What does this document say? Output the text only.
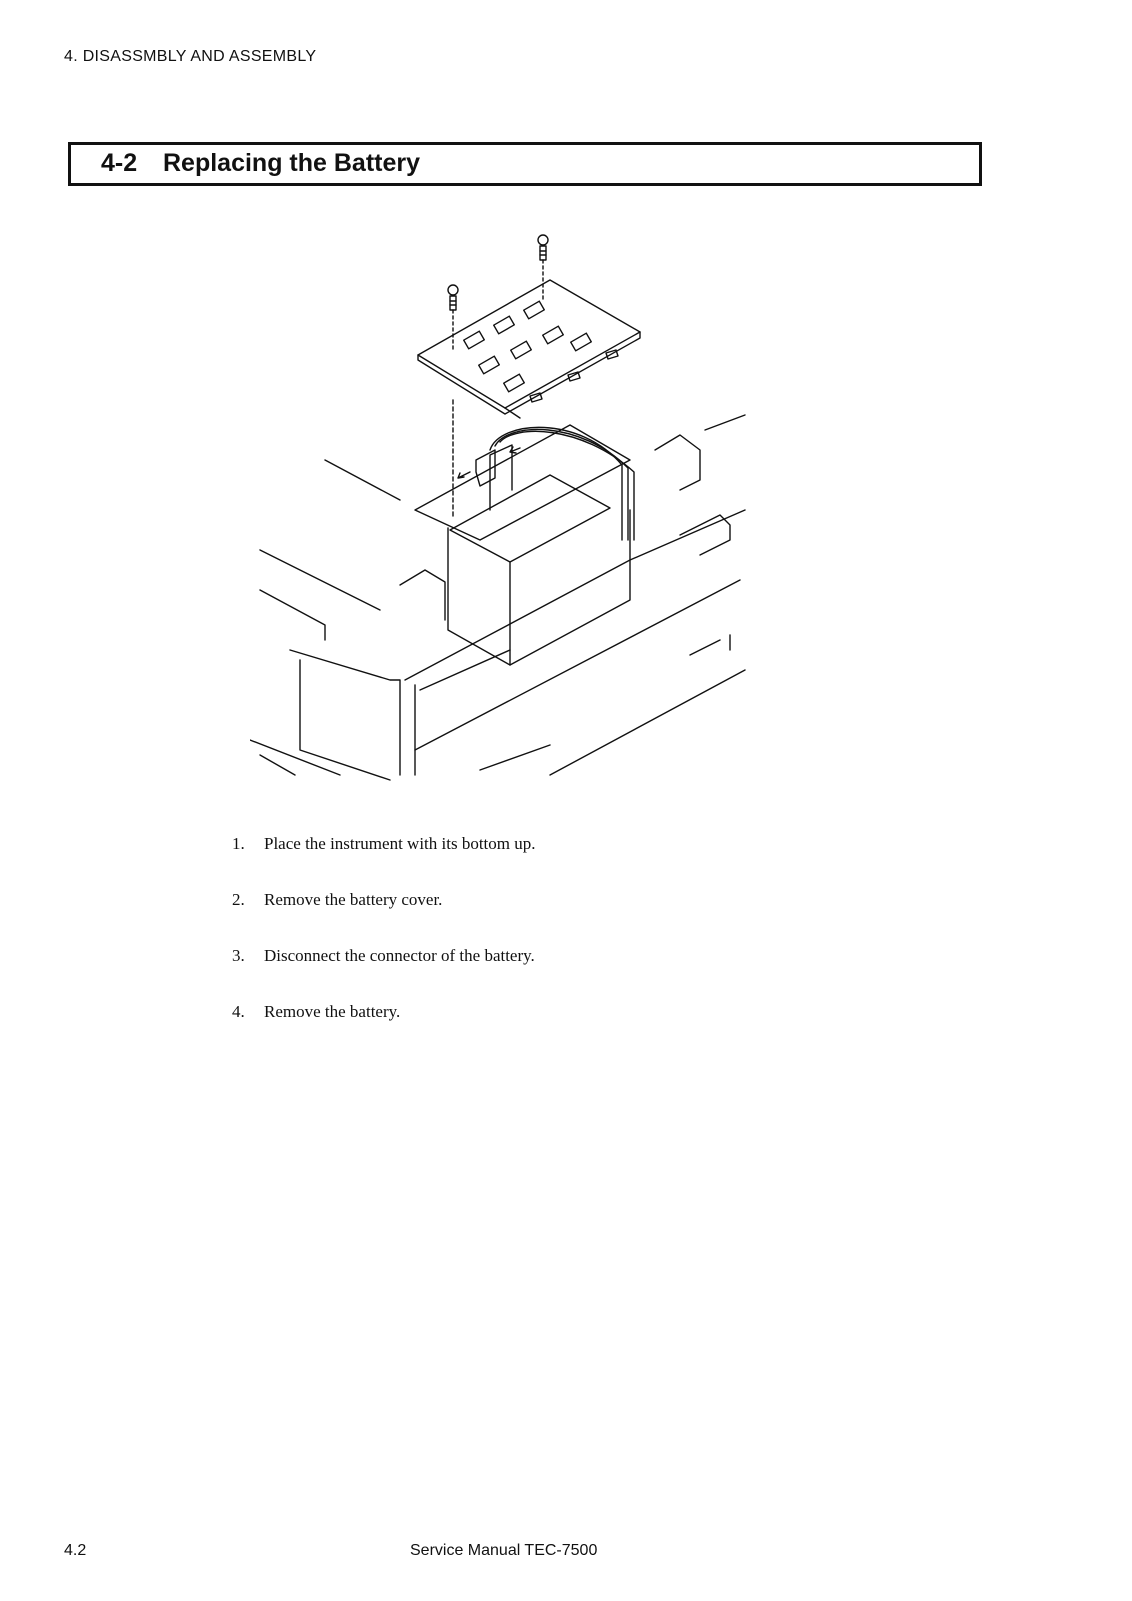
4. DISASSMBLY AND ASSEMBLY
4-2 Replacing the Battery
1.	Place the instrument with its bottom up.
2.	Remove the battery cover.
3.	Disconnect the connector of the battery.
4.	Remove the battery.
4.2	Service Manual TEC-7500
